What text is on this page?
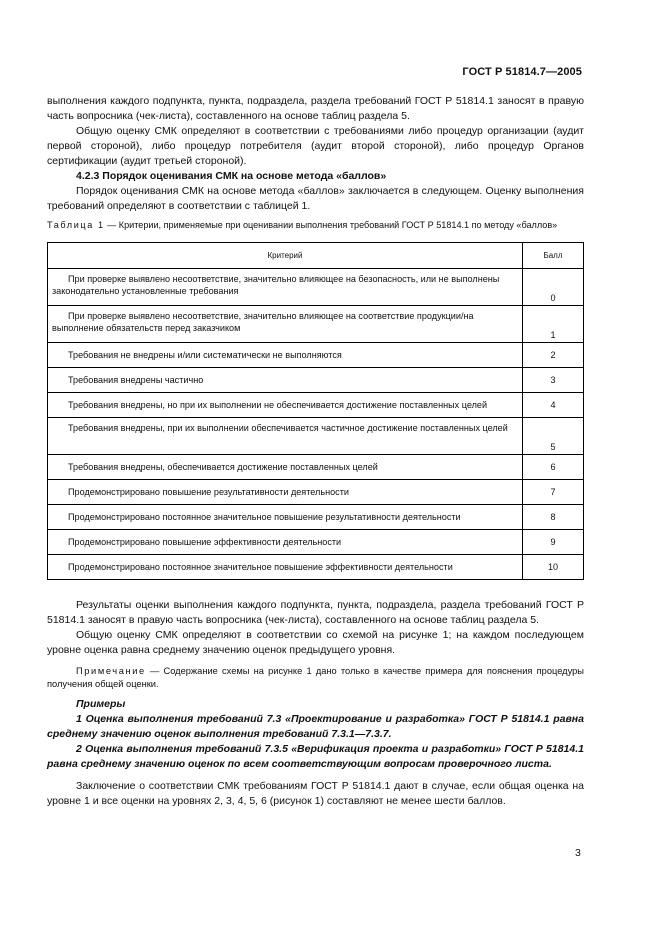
ГОСТ Р 51814.7—2005

выполнения каждого подпункта, пункта, подраздела, раздела требований ГОСТ Р 51814.1 заносят в правую часть вопросника (чек-листа), составленного на основе таблиц раздела 5.

Общую оценку СМК определяют в соответствии с требованиями либо процедур организации (аудит первой стороной), либо процедур потребителя (аудит второй стороной), либо процедур Органов сертификации (аудит третьей стороной).

4.2.3 Порядок оценивания СМК на основе метода «баллов»

Порядок оценивания СМК на основе метода «баллов» заключается в следующем. Оценку выполнения требований определяют в соответствии с таблицей 1.

Таблица 1 — Критерии, применяемые при оценивании выполнения требований ГОСТ Р 51814.1 по методу «баллов»

Критерий	Балл
При проверке выявлено несоответствие, значительно влияющее на безопасность, или не выполнены законодательно установленные требования	0
При проверке выявлено несоответствие, значительно влияющее на соответствие продукции/на выполнение обязательств перед заказчиком	1
Требования не внедрены и/или систематически не выполняются	2
Требования внедрены частично	3
Требования внедрены, но при их выполнении не обеспечивается достижение поставленных целей	4
Требования внедрены, при их выполнении обеспечивается частичное достижение поставленных целей	5
Требования внедрены, обеспечивается достижение поставленных целей	6
Продемонстрировано повышение результативности деятельности	7
Продемонстрировано постоянное значительное повышение результативности деятельности	8
Продемонстрировано повышение эффективности деятельности	9
Продемонстрировано постоянное значительное повышение эффективности деятельности	10

Результаты оценки выполнения каждого подпункта, пункта, подраздела, раздела требований ГОСТ Р 51814.1 заносят в правую часть вопросника (чек-листа), составленного на основе таблиц раздела 5.

Общую оценку СМК определяют в соответствии со схемой на рисунке 1; на каждом последующем уровне оценка равна среднему значению оценок предыдущего уровня.

Примечание — Содержание схемы на рисунке 1 дано только в качестве примера для пояснения процедуры получения общей оценки.

Примеры

1 Оценка выполнения требований 7.3 «Проектирование и разработка» ГОСТ Р 51814.1 равна среднему значению оценок выполнения требований 7.3.1—7.3.7.

2 Оценка выполнения требований 7.3.5 «Верификация проекта и разработки» ГОСТ Р 51814.1 равна среднему значению оценок по всем соответствующим вопросам проверочного листа.

Заключение о соответствии СМК требованиям ГОСТ Р 51814.1 дают в случае, если общая оценка на уровне 1 и все оценки на уровнях 2, 3, 4, 5, 6 (рисунок 1) составляют не менее шести баллов.

3
